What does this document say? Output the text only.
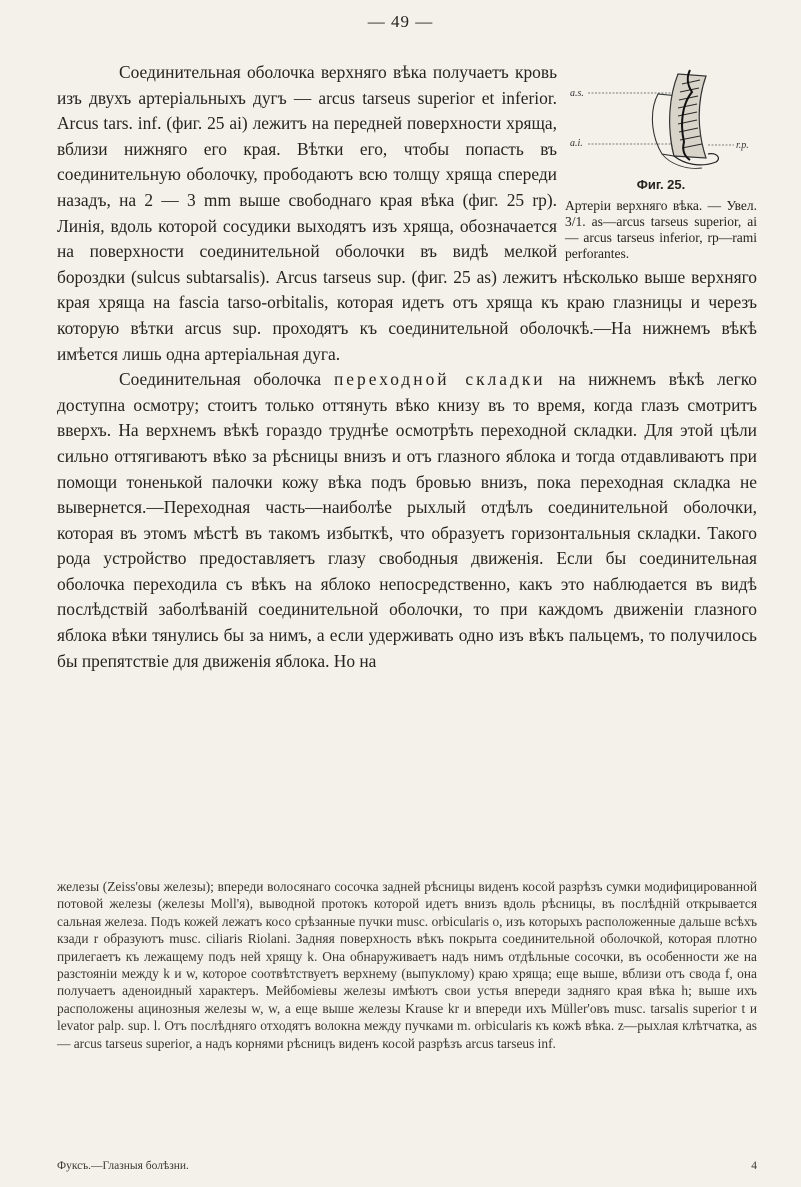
— 49 —
a.s.
a.i.	r.p.

Фиг. 25.

Артеріи верхняго вѣка. — Увел. 3/1. as—arcus tarseus superior, ai — arcus tarseus inferior, rp—rami perforantes.

Соединительная оболочка верхняго вѣка получаетъ кровь изъ двухъ артеріальныхъ дугъ — arcus tarseus superior et inferior. Arcus tars. inf. (фиг. 25 ai) лежитъ на передней поверхности хряща, вблизи нижняго его края. Вѣтки его, чтобы попасть въ соединительную оболочку, прободаютъ всю толщу хряща спереди назадъ, на 2 — 3 mm выше свободнаго края вѣка (фиг. 25 rp). Линія, вдоль которой сосудики выходятъ изъ хряща, обозначается на поверхности соединительной оболочки въ видѣ мелкой бороздки (sulcus subtarsalis). Arcus tarseus sup. (фиг. 25 as) лежитъ нѣсколько выше верхняго края хряща на fascia tarso-orbitalis, которая идетъ отъ хряща къ краю глазницы и черезъ которую вѣтки arcus sup. проходятъ къ соединительной оболочкѣ.—На нижнемъ вѣкѣ имѣется лишь одна артеріальная дуга.

Соединительная оболочка переходной складки на нижнемъ вѣкѣ легко доступна осмотру; стоитъ только оттянуть вѣко книзу въ то время, когда глазъ смотритъ вверхъ. На верхнемъ вѣкѣ гораздо труднѣе осмотрѣть переходной складки. Для этой цѣли сильно оттягиваютъ вѣко за рѣсницы внизъ и отъ глазного яблока и тогда отдавливаютъ при помощи тоненькой палочки кожу вѣка подъ бровью внизъ, пока переходная складка не вывернется.—Переходная часть—наиболѣе рыхлый отдѣлъ соединительной оболочки, которая въ этомъ мѣстѣ въ такомъ избыткѣ, что образуетъ горизонтальныя складки. Такого рода устройство предоставляетъ глазу свободныя движенія. Если бы соединительная оболочка переходила съ вѣкъ на яблоко непосредственно, какъ это наблюдается въ видѣ послѣдствій заболѣваній соединительной оболочки, то при каждомъ движеніи глазного яблока вѣки тянулись бы за нимъ, а если удерживать одно изъ вѣкъ пальцемъ, то получилось бы препятствіе для движенія яблока. Но на

железы (Zeiss'овы железы); впереди волосянаго сосочка задней рѣсницы виденъ косой разрѣзъ сумки модифицированной потовой железы (железы Moll'я), выводной протокъ которой идетъ внизъ вдоль рѣсницы, въ послѣднiй открывается сальная железа. Подъ кожей лежатъ косо срѣзанные пучки musc. orbicularis o, изъ которыхъ расположенные дальше всѣхъ кзади r образуютъ musc. ciliaris Riolani. Задняя поверхность вѣкъ покрыта соединительной оболочкой, которая плотно прилегаетъ къ лежащему подъ ней хрящу k. Она обнаруживаетъ надъ нимъ отдѣльные сосочки, въ особенности же на разстояніи между k и w, которое соотвѣтствуетъ верхнему (выпуклому) краю хряща; еще выше, вблизи отъ свода f, она получаетъ аденоидный характеръ. Мейбоміевы железы имѣютъ свои устья впереди задняго края вѣка h; выше ихъ расположены ацинозныя железы w, w, а еще выше железы Krause kr и впереди ихъ Müller'овъ musc. tarsalis superior t и levator palp. sup. l. Отъ послѣдняго отходятъ волокна между пучками m. orbicularis къ кожѣ вѣка. z—рыхлая клѣтчатка, as — arcus tarseus superior, а надъ корнями рѣсницъ виденъ косой разрѣзъ arcus tarseus inf.

Фуксъ.—Глазныя болѣзни.	4
